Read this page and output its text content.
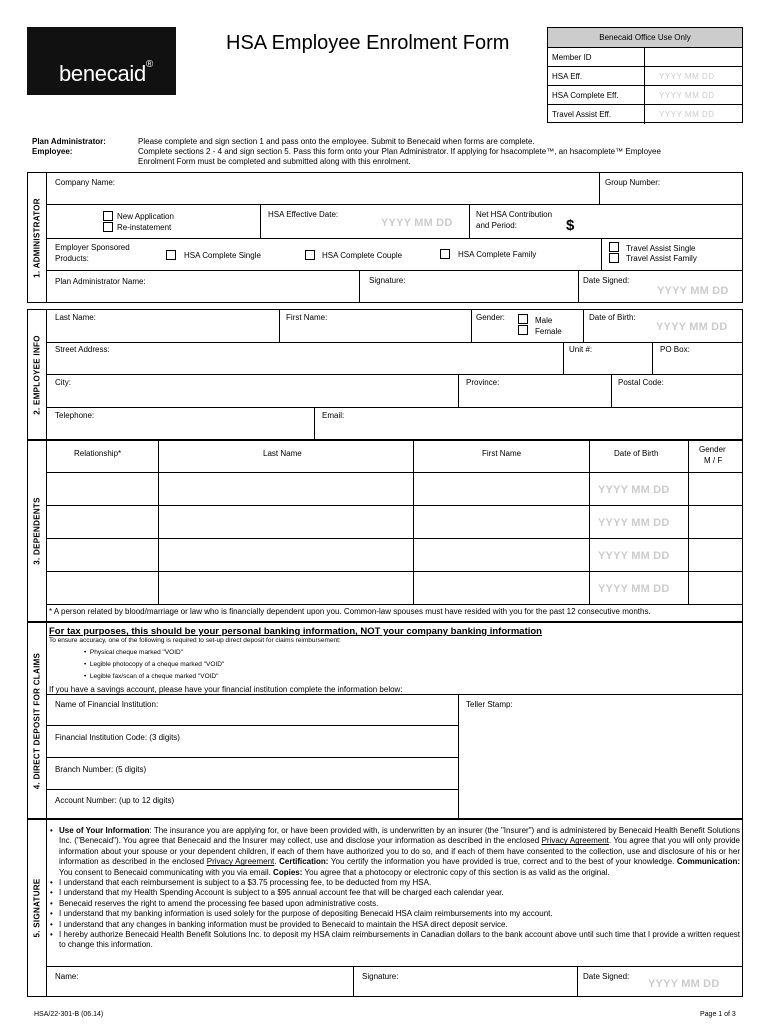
benecaid®
HSA Employee Enrolment Form	Benecaid Office Use Only
Member ID
HSA Eff.	YYYY MM DD
HSA Complete Eff.	YYYY MM DD
Travel Assist Eff.	YYYY MM DD
Plan Administrator:
Employee:
Please complete and sign section 1 and pass onto the employee. Submit to Benecaid when forms are complete.
Complete sections 2 - 4 and sign section 5. Pass this form onto your Plan Administrator. If applying for hsacomplete™, an hsacomplete™ Employee
Enrolment Form must be completed and submitted along with this enrolment.
1. ADMINISTRATOR
Company Name:	Group Number:
New Application
Re-instatement
HSA Effective Date:
YYYY MM DD
Net HSA Contribution
and Period:	$
Employer Sponsored
Products:	HSA Complete Single	HSA Complete Couple	HSA Complete Family
Travel Assist Single
Travel Assist Family
Plan Administrator Name:	Signature:	Date Signed:
YYYY MM DD
2. EMPLOYEE INFO
Last Name:	First Name:	Gender:	Male
Female
Date of Birth:
YYYY MM DD
Street Address:	Unit #:	PO Box:
City:	Province:	Postal Code:
Telephone:	Email:
3. DEPENDENTS
Relationship*	Last Name	First Name	Date of Birth	Gender
M / F
YYYY MM DD
YYYY MM DD
YYYY MM DD
YYYY MM DD
* A person related by blood/marriage or law who is financially dependent upon you. Common-law spouses must have resided with you for the past 12 consecutive months.
4. DIRECT DEPOSIT FOR CLAIMS
For tax purposes, this should be your personal banking information, NOT your company banking information
To ensure accuracy, one of the following is required to set-up direct deposit for claims reimbursement:
•  Physical cheque marked "VOID"
•  Legible photocopy of a cheque marked "VOID"
•  Legible fax/scan of a cheque marked "VOID"
If you have a savings account, please have your financial institution complete the information below:
Name of Financial Institution:	Teller Stamp:
Financial Institution Code: (3 digits)
Branch Number: (5 digits)
Account Number: (up to 12 digits)
5. SIGNATURE
• Use of Your Information: The insurance you are applying for, or have been provided with, is underwritten by an insurer (the "Insurer") and is administered by Benecaid Health Benefit Solutions Inc. ("Benecaid"). You agree that Benecaid and the Insurer may collect, use and disclose your information as described in the enclosed Privacy Agreement. You agree that you will only provide information about your spouse or your dependent children, if each of them have authorized you to do so, and if each of them have consented to the collection, use and disclosure of his or her information as described in the enclosed Privacy Agreement. Certification: You certify the information you have provided is true, correct and to the best of your knowledge. Communication: You consent to Benecaid communicating with you via email. Copies: You agree that a photocopy or electronic copy of this section is as valid as the original.
• I understand that each reimbursement is subject to a $3.75 processing fee, to be deducted from my HSA.
• I understand that my Health Spending Account is subject to a $95 annual account fee that will be charged each calendar year.
• Benecaid reserves the right to amend the processing fee based upon administrative costs.
• I understand that my banking information is used solely for the purpose of depositing Benecaid HSA claim reimbursements into my account.
• I understand that any changes in banking information must be provided to Benecaid to maintain the HSA direct deposit service.
• I hereby authorize Benecaid Health Benefit Solutions Inc. to deposit my HSA claim reimbursements in Canadian dollars to the bank account above until such time that I provide a written request to change this information.
Name:	Signature:	Date Signed:
YYYY MM DD
HSA/22-301-B (06.14)	Page 1 of 3
